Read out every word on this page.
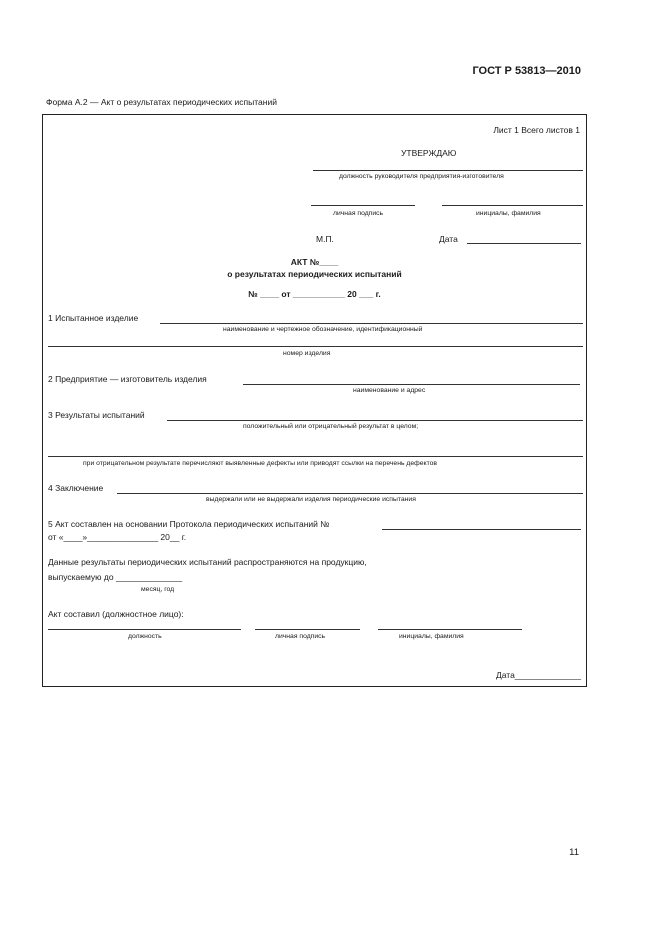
ГОСТ Р 53813—2010
Форма А.2 — Акт о результатах периодических испытаний
Лист 1 Всего листов 1
УТВЕРЖДАЮ
должность руководителя предприятия-изготовителя
личная подпись	инициалы, фамилия
М.П.	Дата
АКТ №____
о результатах периодических испытаний
№ ____ от ___________ 20 ___ г.
1 Испытанное изделие
наименование и чертежное обозначение, идентификационный
номер изделия
2 Предприятие — изготовитель изделия
наименование и адрес
3 Результаты испытаний
положительный или отрицательный результат в целом;
при отрицательном результате перечисляют выявленные дефекты или приводят ссылки на перечень дефектов
4 Заключение
выдержали или не выдержали изделия периодические испытания
5 Акт составлен на основании Протокола периодических испытаний №
от «____»_______________ 20__ г.
Данные результаты периодических испытаний распространяются на продукцию,
выпускаемую до ______________
месяц, год
Акт составил (должностное лицо):
должность	личная подпись	инициалы, фамилия
Дата______________
11
